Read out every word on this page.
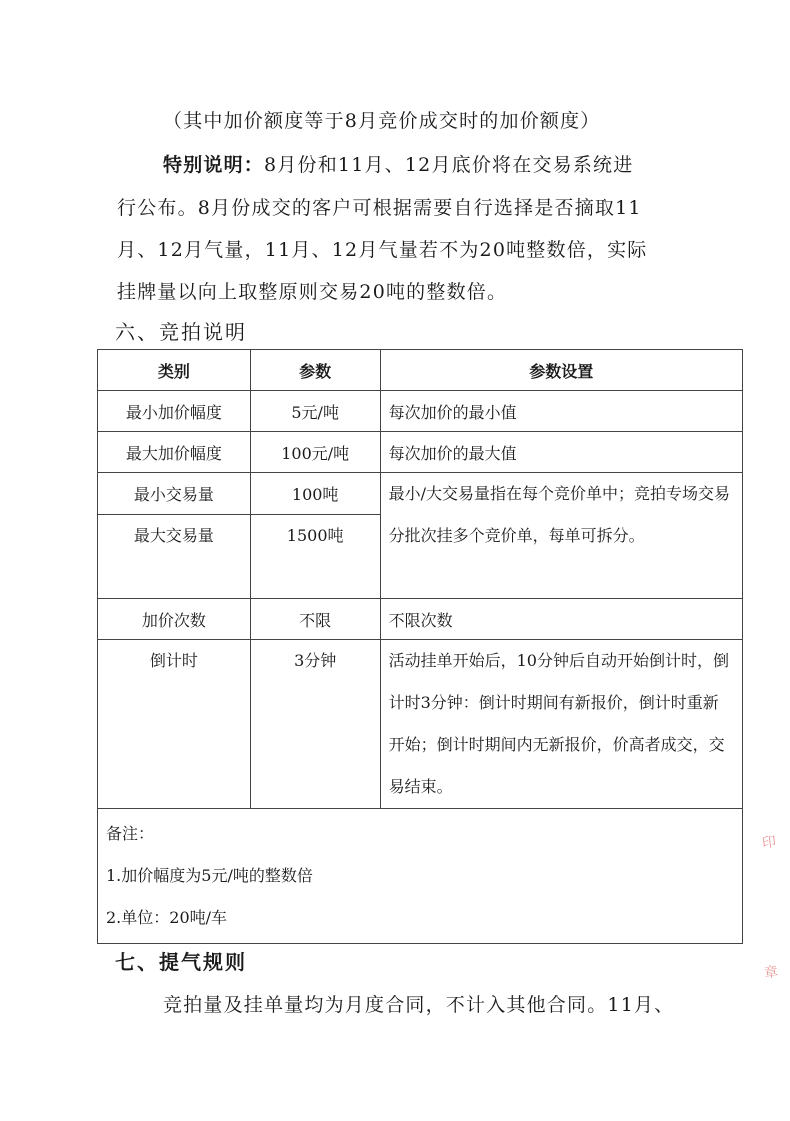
（其中加价额度等于8月竞价成交时的加价额度）
特别说明：8月份和11月、12月底价将在交易系统进
行公布。8月份成交的客户可根据需要自行选择是否摘取11
月、12月气量，11月、12月气量若不为20吨整数倍，实际
挂牌量以向上取整原则交易20吨的整数倍。
六、竞拍说明
类别	参数	参数设置
最小加价幅度	5元/吨	每次加价的最小值
最大加价幅度	100元/吨	每次加价的最大值
最小交易量	100吨	最小/大交易量指在每个竞价单中；竞拍专场交易分批次挂多个竞价单，每单可拆分。
最大交易量	1500吨	
加价次数	不限	不限次数
倒计时	3分钟	活动挂单开始后，10分钟后自动开始倒计时，倒计时3分钟：倒计时期间有新报价，倒计时重新开始；倒计时期间内无新报价，价高者成交，交易结束。

备注：
1.加价幅度为5元/吨的整数倍
2.单位：20吨/车		
七、提气规则
竞拍量及挂单量均为月度合同，不计入其他合同。11月、
印
章
